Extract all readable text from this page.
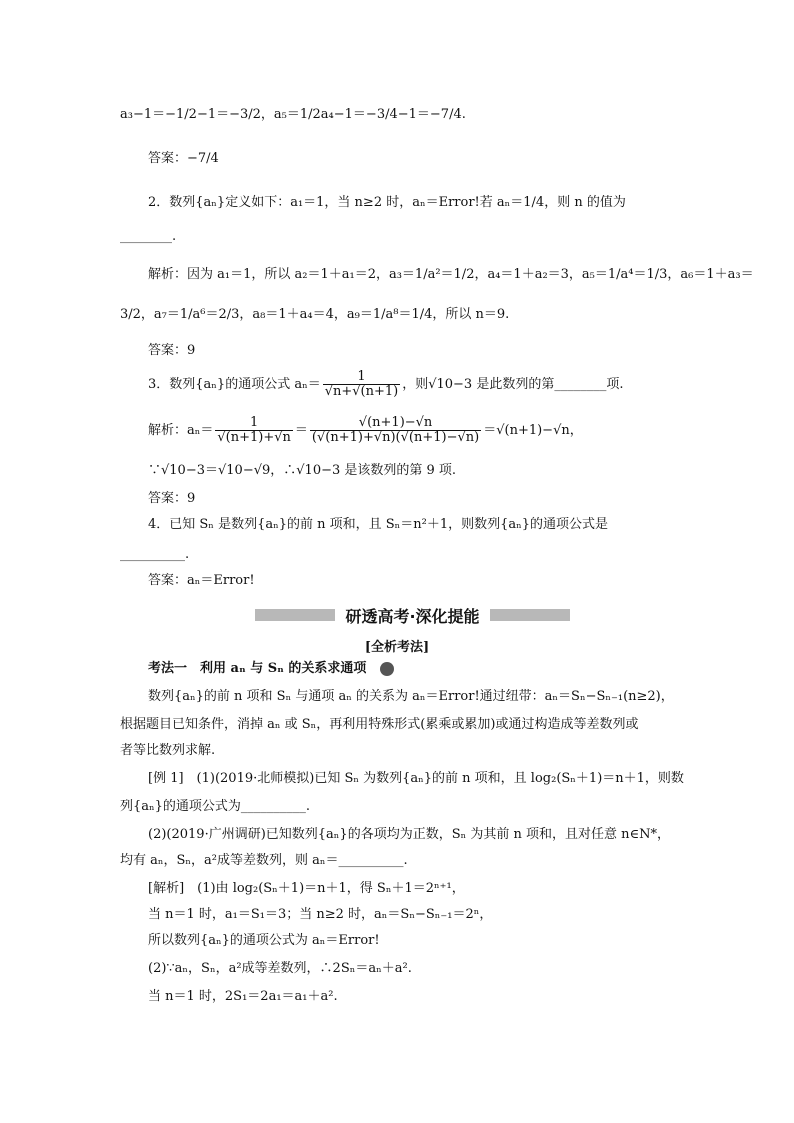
a₃−1＝−1/2−1＝−3/2，a₅＝1/2a₄−1＝−3/4−1＝−7/4.
答案：−7/4
2．数列{aₙ}定义如下：a₁＝1，当 n≥2 时，aₙ＝Error!若 aₙ＝1/4，则 n 的值为
________.
解析：因为 a₁＝1，所以 a₂＝1＋a₁＝2，a₃＝1/a²＝1/2，a₄＝1＋a₂＝3，a₅＝1/a⁴＝1/3，a₆＝1＋a₃＝
3/2，a₇＝1/a⁶＝2/3，a₈＝1＋a₄＝4，a₉＝1/a⁸＝1/4，所以 n＝9.
答案：9
3．数列{aₙ}的通项公式 $a_n= \frac{1}{√n+√(n+1)}$ ，则√10−3 是此数列的第________项.
解析：$a_n= \frac{1}{√(n+1)+√n} = \frac{√(n+1)-√n}{(√(n+1)+√n)(√(n+1)-√n)} =√(n+1)-√n$，
∵√10−3＝√10−√9，∴√10−3 是该数列的第 9 项.
答案：9
4．已知 Sₙ 是数列{aₙ}的前 n 项和，且 Sₙ＝n²＋1，则数列{aₙ}的通项公式是
__________.
答案：aₙ＝Error!
研透高考·深化提能
[全析考法]
考法一　利用 aₙ 与 Sₙ 的关系求通项
数列{aₙ}的前 n 项和 Sₙ 与通项 aₙ 的关系为 aₙ＝Error!通过纽带：aₙ＝Sₙ−Sₙ₋₁(n≥2)，
根据题目已知条件，消掉 aₙ 或 Sₙ，再利用特殊形式(累乘或累加)或通过构造成等差数列或
者等比数列求解.
[例 1]　(1)(2019·北师模拟)已知 Sₙ 为数列{aₙ}的前 n 项和，且 log₂(Sₙ＋1)＝n＋1，则数
列{aₙ}的通项公式为__________.
(2)(2019·广州调研)已知数列{aₙ}的各项均为正数，Sₙ 为其前 n 项和，且对任意 n∈N*，
均有 aₙ，Sₙ，a²成等差数列，则 aₙ＝__________.
[解析]　(1)由 log₂(Sₙ＋1)＝n＋1，得 Sₙ＋1＝2ⁿ⁺¹，
当 n＝1 时，a₁＝S₁＝3；当 n≥2 时，aₙ＝Sₙ−Sₙ₋₁＝2ⁿ，
所以数列{aₙ}的通项公式为 aₙ＝Error!
(2)∵aₙ，Sₙ，a²成等差数列，∴2Sₙ＝aₙ＋a².
当 n＝1 时，2S₁＝2a₁＝a₁＋a².
